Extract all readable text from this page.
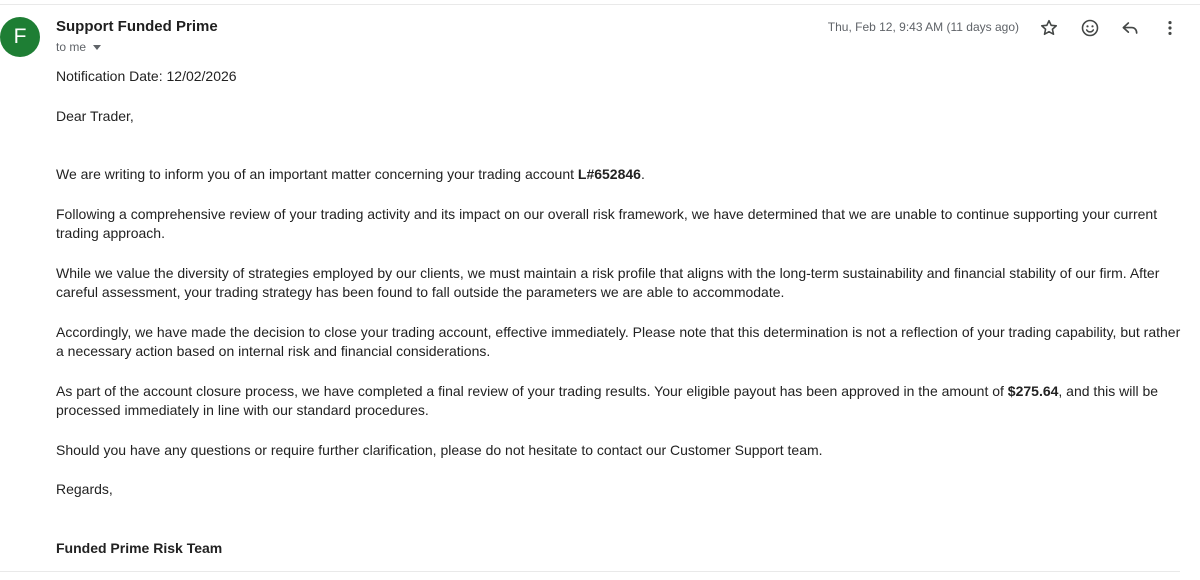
F	Support Funded Prime
to me
Thu, Feb 12, 9:43 AM (11 days ago)

Notification Date: 12/02/2026

Dear Trader,

We are writing to inform you of an important matter concerning your trading account L#652846.

Following a comprehensive review of your trading activity and its impact on our overall risk framework, we have determined that we are unable to continue supporting your current trading approach.

While we value the diversity of strategies employed by our clients, we must maintain a risk profile that aligns with the long-term sustainability and financial stability of our firm. After careful assessment, your trading strategy has been found to fall outside the parameters we are able to accommodate.

Accordingly, we have made the decision to close your trading account, effective immediately. Please note that this determination is not a reflection of your trading capability, but rather a necessary action based on internal risk and financial considerations.

As part of the account closure process, we have completed a final review of your trading results. Your eligible payout has been approved in the amount of $275.64, and this will be processed immediately in line with our standard procedures.

Should you have any questions or require further clarification, please do not hesitate to contact our Customer Support team.

Regards,

Funded Prime Risk Team
